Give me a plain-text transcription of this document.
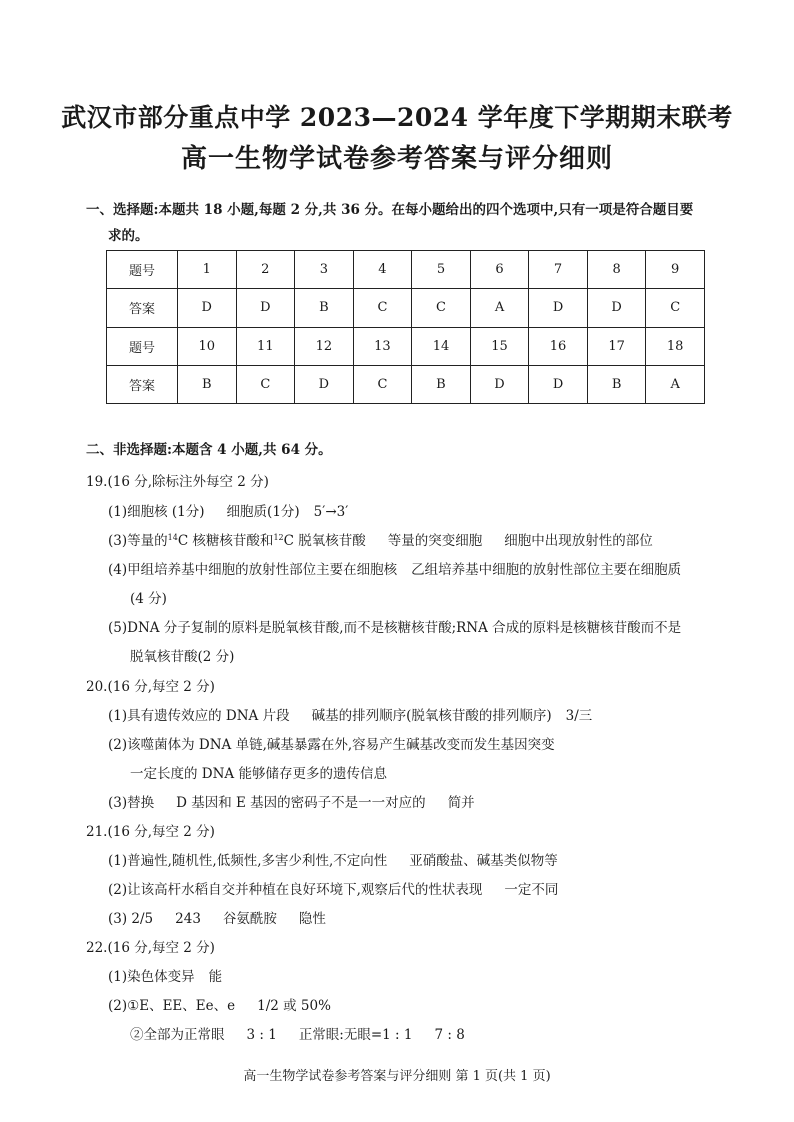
武汉市部分重点中学 2023—2024 学年度下学期期末联考
高一生物学试卷参考答案与评分细则
一、选择题:本题共 18 小题,每题 2 分,共 36 分。在每小题给出的四个选项中,只有一项是符合题目要
求的。
题号	1	2	3	4	5	6	7	8	9
答案	D	D	B	C	C	A	D	D	C
题号	10	11	12	13	14	15	16	17	18
答案	B	C	D	C	B	D	D	B	A
二、非选择题:本题含 4 小题,共 64 分。
19.(16 分,除标注外每空 2 分)
(1)细胞核 (1分) 细胞质(1分) 5′→3′
(3)等量的$^{14}$C 核糖核苷酸和$^{12}$C 脱氧核苷酸 等量的突变细胞 细胞中出现放射性的部位
(4)甲组培养基中细胞的放射性部位主要在细胞核 乙组培养基中细胞的放射性部位主要在细胞质
(4 分)
(5)DNA 分子复制的原料是脱氧核苷酸,而不是核糖核苷酸;RNA 合成的原料是核糖核苷酸而不是
脱氧核苷酸(2 分)
20.(16 分,每空 2 分)
(1)具有遗传效应的 DNA 片段 碱基的排列顺序(脱氧核苷酸的排列顺序) 3/三
(2)该噬菌体为 DNA 单链,碱基暴露在外,容易产生碱基改变而发生基因突变
一定长度的 DNA 能够储存更多的遗传信息
(3)替换 D 基因和 E 基因的密码子不是一一对应的 简并
21.(16 分,每空 2 分)
(1)普遍性,随机性,低频性,多害少利性,不定向性 亚硝酸盐、碱基类似物等
(2)让该高杆水稻自交并种植在良好环境下,观察后代的性状表现 一定不同
(3) 2/5 243 谷氨酰胺 隐性
22.(16 分,每空 2 分)
(1)染色体变异 能
(2)①E、EE、Ee、e 1/2 或 50%
②全部为正常眼 3 : 1 正常眼:无眼=1 : 1 7 : 8
高一生物学试卷参考答案与评分细则 第 1 页(共 1 页)
